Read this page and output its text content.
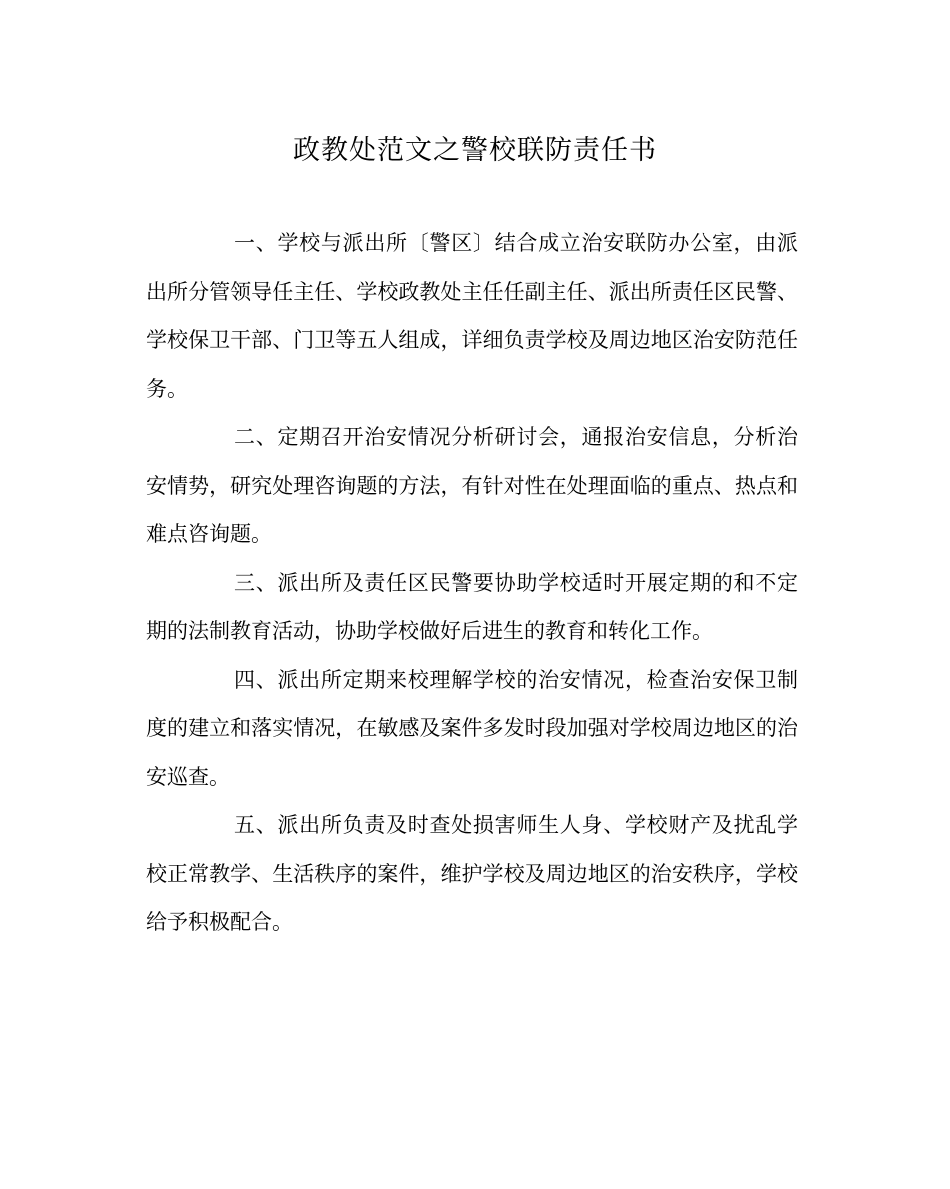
政教处范文之警校联防责任书

一、学校与派出所〔警区〕结合成立治安联防办公室，由派出所分管领导任主任、学校政教处主任任副主任、派出所责任区民警、学校保卫干部、门卫等五人组成，详细负责学校及周边地区治安防范任务。

二、定期召开治安情况分析研讨会，通报治安信息，分析治安情势，研究处理咨询题的方法，有针对性在处理面临的重点、热点和难点咨询题。

三、派出所及责任区民警要协助学校适时开展定期的和不定期的法制教育活动，协助学校做好后进生的教育和转化工作。

四、派出所定期来校理解学校的治安情况，检查治安保卫制度的建立和落实情况，在敏感及案件多发时段加强对学校周边地区的治安巡查。

五、派出所负责及时查处损害师生人身、学校财产及扰乱学校正常教学、生活秩序的案件，维护学校及周边地区的治安秩序，学校给予积极配合。
